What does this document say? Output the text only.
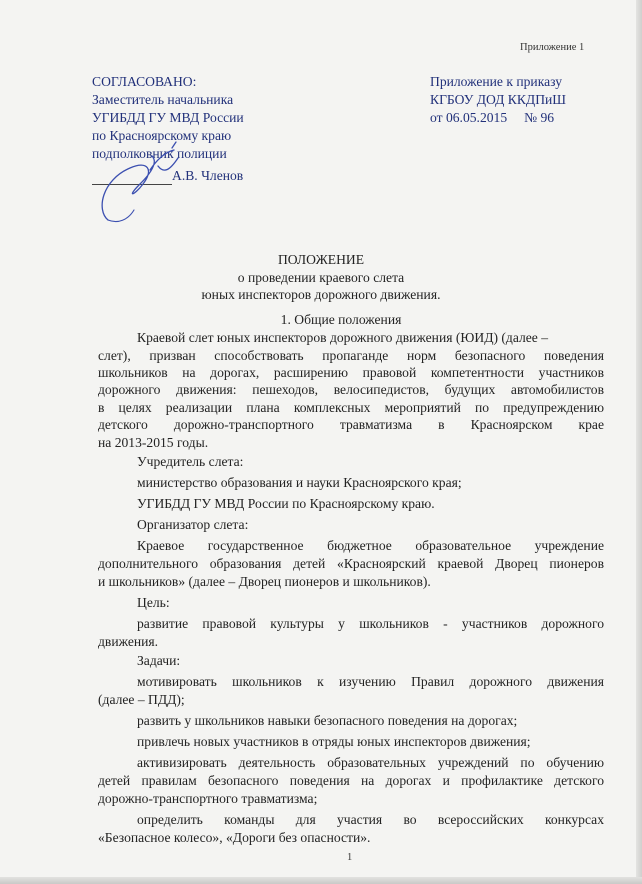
Приложение 1
СОГЛАСОВАНО:
Заместитель начальника
УГИБДД ГУ МВД России
по Красноярскому краю
подполковник полиции
А.В. Членов
Приложение к приказу
КГБОУ ДОД ККДПиШ
от 06.05.2015     № 96
ПОЛОЖЕНИЕ
о проведении краевого слета
юных инспекторов дорожного движения.
1. Общие положения
Краевой слет юных инспекторов дорожного движения (ЮИД) (далее –
слет), призван способствовать пропаганде норм безопасного поведения
школьников на дорогах, расширению правовой компетентности участников
дорожного движения: пешеходов, велосипедистов, будущих автомобилистов
в целях реализации плана комплексных мероприятий по предупреждению
детского дорожно-транспортного травматизма в Красноярском крае
на 2013-2015 годы.
Учредитель слета:
министерство образования и науки Красноярского края;
УГИБДД ГУ МВД России по Красноярскому краю.
Организатор слета:
Краевое государственное бюджетное образовательное учреждение
дополнительного образования детей «Красноярский краевой Дворец пионеров
и школьников» (далее – Дворец пионеров и школьников).
Цель:
развитие правовой культуры у школьников - участников дорожного
движения.
Задачи:
мотивировать школьников к изучению Правил дорожного движения
(далее – ПДД);
развить у школьников навыки безопасного поведения на дорогах;
привлечь новых участников в отряды юных инспекторов движения;
активизировать деятельность образовательных учреждений по обучению
детей правилам безопасного поведения на дорогах и профилактике детского
дорожно-транспортного травматизма;
определить команды для участия во всероссийских конкурсах
«Безопасное колесо», «Дороги без опасности».
1
